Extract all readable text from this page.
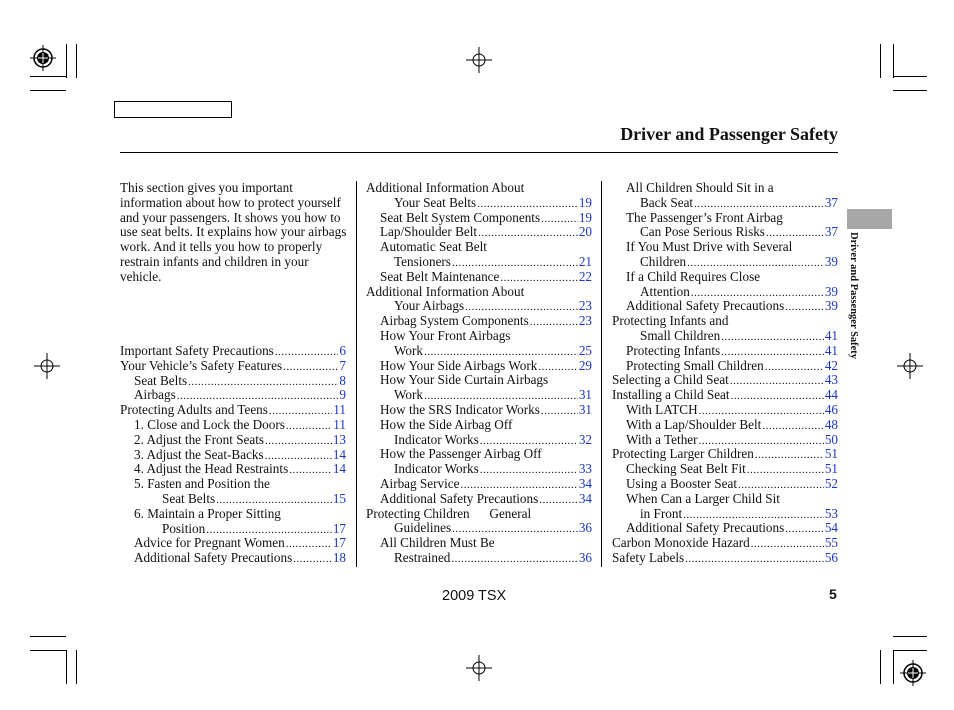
Driver and Passenger Safety
Driver and Passenger Safety
This section gives you important information about how to protect yourself and your passengers. It shows you how to use seat belts. It explains how your airbags work. And it tells you how to properly restrain infants and children in your vehicle.
Important Safety Precautions .....	6
Your Vehicle’s Safety Features .....	7
Seat Belts .....	8
Airbags .....	9
Protecting Adults and Teens .....	11
1. Close and Lock the Doors .....	11
2. Adjust the Front Seats .....	13
3. Adjust the Seat-Backs .....	14
4. Adjust the Head Restraints .....	14
5. Fasten and Position the
Seat Belts .....	15
6. Maintain a Proper Sitting
Position .....	17
Advice for Pregnant Women .....	17
Additional Safety Precautions .....	18
Additional Information About
Your Seat Belts .....	19
Seat Belt System Components .....	19
Lap/Shoulder Belt .....	20
Automatic Seat Belt
Tensioners .....	21
Seat Belt Maintenance .....	22
Additional Information About
Your Airbags .....	23
Airbag System Components .....	23
How Your Front Airbags
Work .....	25
How Your Side Airbags Work .....	29
How Your Side Curtain Airbags
Work .....	31
How the SRS Indicator Works .....	31
How the Side Airbag Off
Indicator Works .....	32
How the Passenger Airbag Off
Indicator Works .....	33
Airbag Service .....	34
Additional Safety Precautions .....	34
Protecting Children      General
Guidelines .....	36
All Children Must Be
Restrained .....	36
All Children Should Sit in a
Back Seat .....	37
The Passenger’s Front Airbag
Can Pose Serious Risks .....	37
If You Must Drive with Several
Children .....	39
If a Child Requires Close
Attention .....	39
Additional Safety Precautions .....	39
Protecting Infants and
Small Children .....	41
Protecting Infants .....	41
Protecting Small Children .....	42
Selecting a Child Seat .....	43
Installing a Child Seat .....	44
With LATCH .....	46
With a Lap/Shoulder Belt .....	48
With a Tether .....	50
Protecting Larger Children .....	51
Checking Seat Belt Fit .....	51
Using a Booster Seat .....	52
When Can a Larger Child Sit
in Front .....	53
Additional Safety Precautions .....	54
Carbon Monoxide Hazard .....	55
Safety Labels .....	56
2009 TSX	5
